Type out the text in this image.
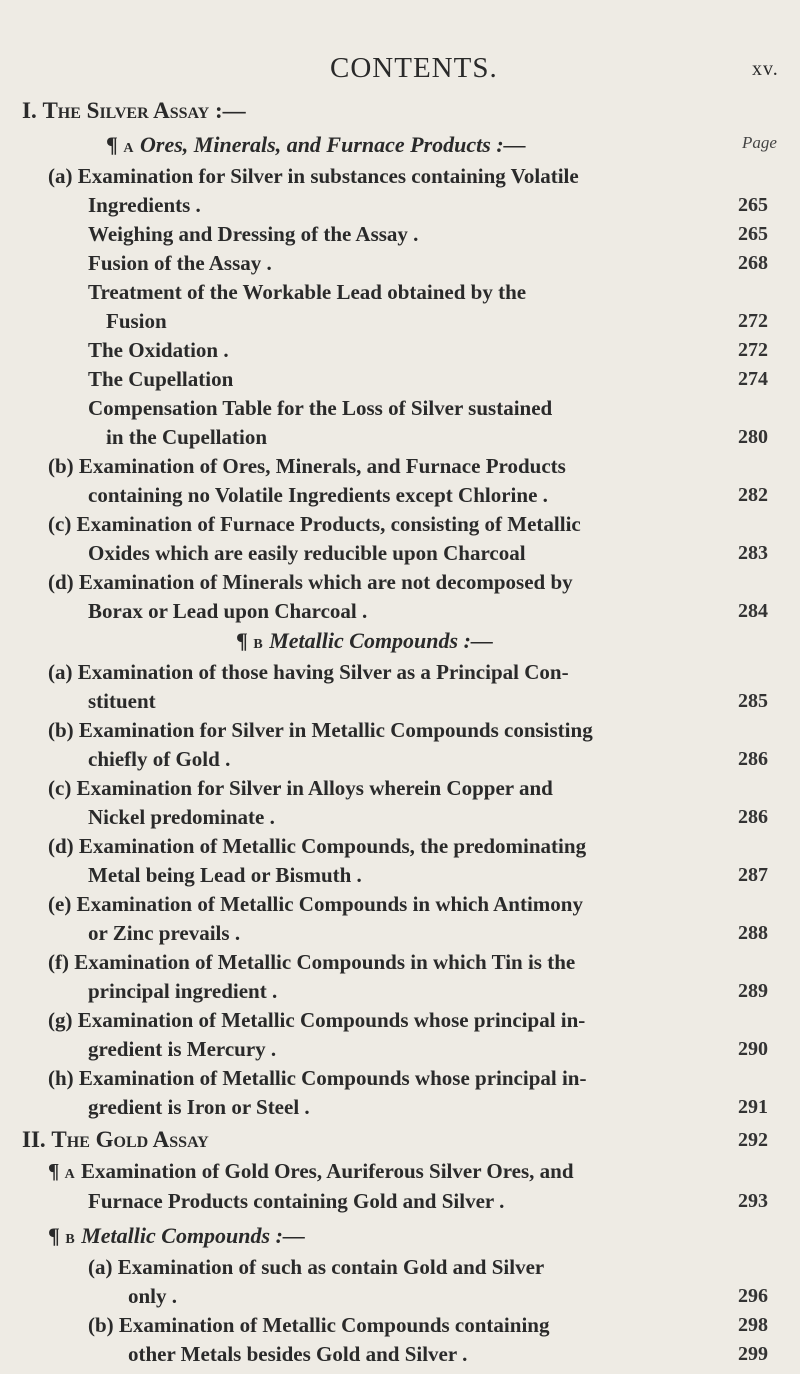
CONTENTS.	xv.
Page
I. The Silver Assay :—
¶ A Ores, Minerals, and Furnace Products :—
(a) Examination for Silver in substances containing Volatile
Ingredients .
Weighing and Dressing of the Assay .
Fusion of the Assay .
Treatment of the Workable Lead obtained by the
Fusion
The Oxidation .
The Cupellation
Compensation Table for the Loss of Silver sustained
in the Cupellation
(b) Examination of Ores, Minerals, and Furnace Products
containing no Volatile Ingredients except Chlorine .
(c) Examination of Furnace Products, consisting of Metallic
Oxides which are easily reducible upon Charcoal
(d) Examination of Minerals which are not decomposed by
Borax or Lead upon Charcoal .
¶ B Metallic Compounds :—
(a) Examination of those having Silver as a Principal Con-
stituent
(b) Examination for Silver in Metallic Compounds consisting
chiefly of Gold .
(c) Examination for Silver in Alloys wherein Copper and
Nickel predominate .
(d) Examination of Metallic Compounds, the predominating
Metal being Lead or Bismuth .
(e) Examination of Metallic Compounds in which Antimony
or Zinc prevails .
(f) Examination of Metallic Compounds in which Tin is the
principal ingredient .
(g) Examination of Metallic Compounds whose principal in-
gredient is Mercury .
(h) Examination of Metallic Compounds whose principal in-
gredient is Iron or Steel .
II. The Gold Assay
¶ A Examination of Gold Ores, Auriferous Silver Ores, and
Furnace Products containing Gold and Silver .
¶ B Metallic Compounds :—
(a) Examination of such as contain Gold and Silver
only .
(b) Examination of Metallic Compounds containing
other Metals besides Gold and Silver .
265
265
268
272
272
274
280
282
283
284
285
286
286
287
288
289
290
291
292
293
296
298
299
